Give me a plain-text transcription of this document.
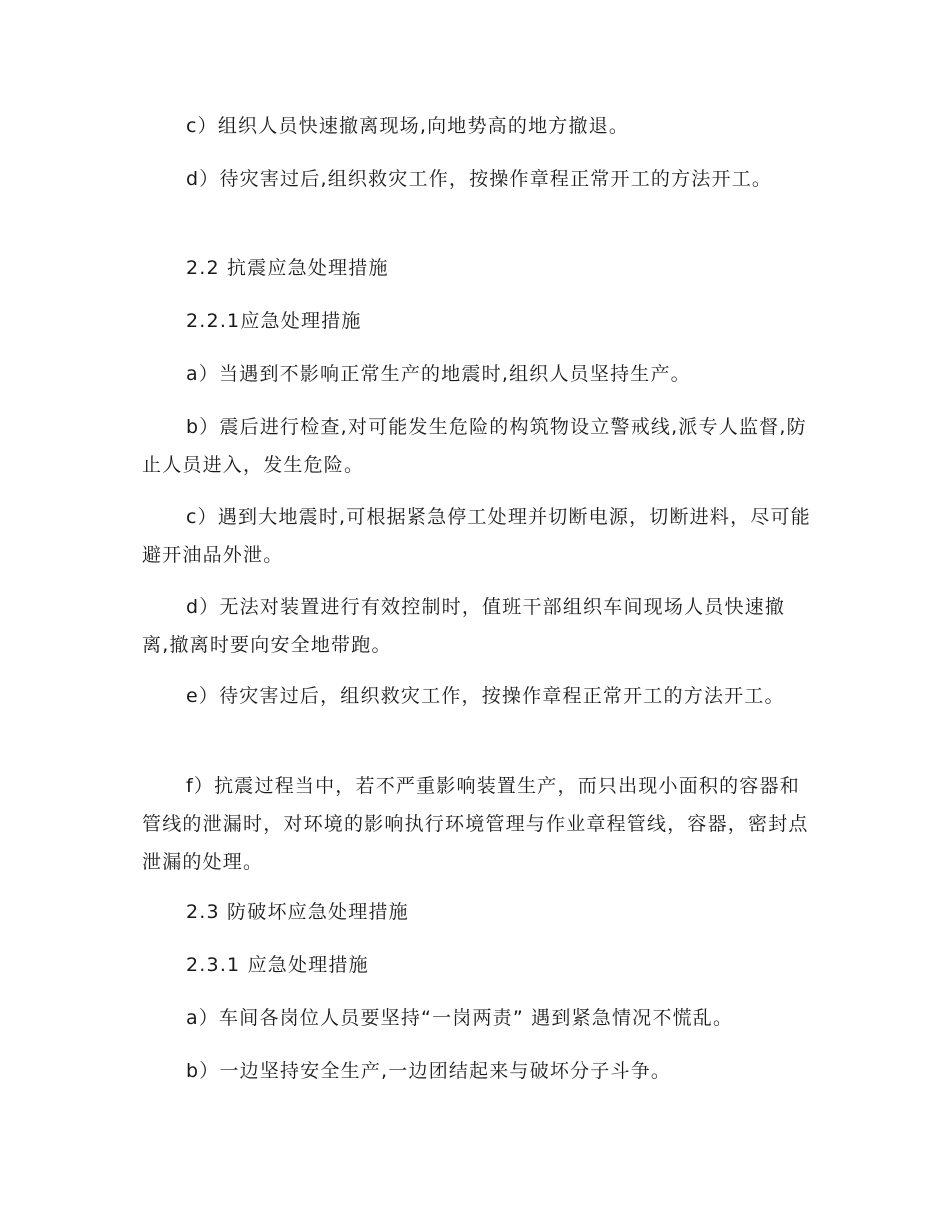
c）组织人员快速撤离现场,向地势高的地方撤退。

d）待灾害过后,组织救灾工作，按操作章程正常开工的方法开工。

2.2 抗震应急处理措施

2.2.1应急处理措施

a）当遇到不影响正常生产的地震时,组织人员坚持生产。

b）震后进行检查,对可能发生危险的构筑物设立警戒线,派专人监督,防止人员进入，发生危险。

c）遇到大地震时,可根据紧急停工处理并切断电源，切断进料，尽可能避开油品外泄。

d）无法对装置进行有效控制时，值班干部组织车间现场人员快速撤离,撤离时要向安全地带跑。

e）待灾害过后，组织救灾工作，按操作章程正常开工的方法开工。

f）抗震过程当中，若不严重影响装置生产，而只出现小面积的容器和管线的泄漏时，对环境的影响执行环境管理与作业章程管线，容器，密封点泄漏的处理。

2.3 防破坏应急处理措施

2.3.1 应急处理措施

a）车间各岗位人员要坚持“一岗两责” 遇到紧急情况不慌乱。

b）一边坚持安全生产,一边团结起来与破坏分子斗争。
